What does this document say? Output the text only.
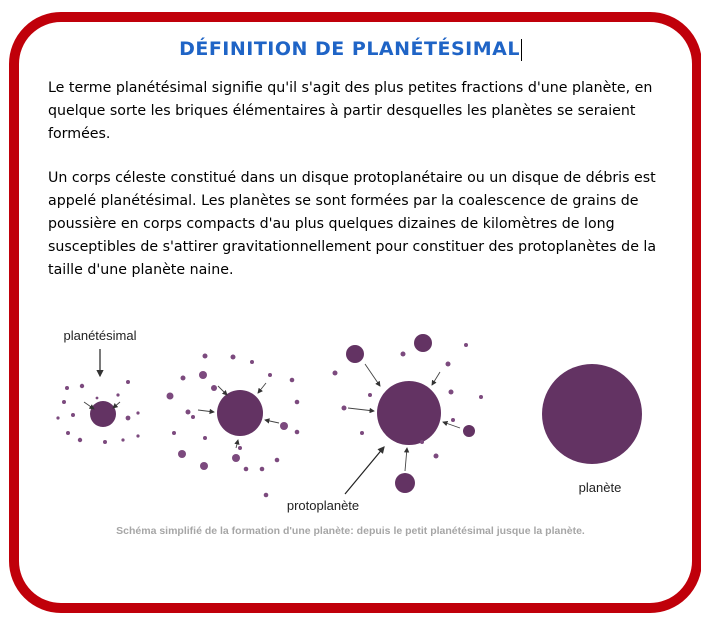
DÉFINITION DE PLANÉTÉSIMAL

Le terme planétésimal signifie qu'il s'agit des plus petites fractions d'une planète, en quelque sorte les briques élémentaires à partir desquelles les planètes se seraient formées.

Un corps céleste constitué dans un disque protoplanétaire ou un disque de débris est appelé planétésimal. Les planètes se sont formées par la coalescence de grains de poussière en corps compacts d'au plus quelques dizaines de kilomètres de long susceptibles de s'attirer gravitationnellement pour constituer des protoplanètes de la taille d'une planète naine.

planétésimal
protoplanète
planète
Schéma simplifié de la formation d'une planète: depuis le petit planétésimal jusque la planète.
